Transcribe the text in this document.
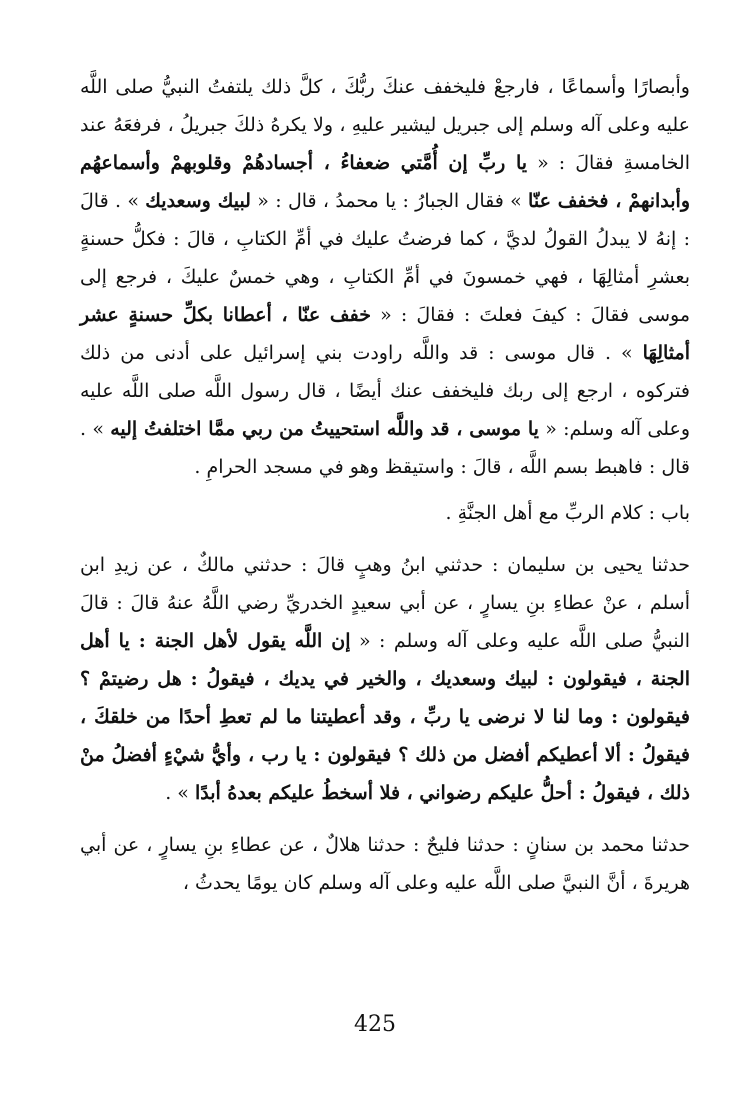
وأبصارًا وأسماعًا ، فارجعْ فليخفف عنكَ ربُّكَ ، كلَّ ذلك يلتفتُ النبيُّ صلى اللَّه عليه وعلى آله وسلم إلى جبريل ليشير عليهِ ، ولا يكرهُ ذلكَ جبريلُ ، فرفعَهُ عند الخامسةِ فقالَ : « يا ربِّ إن أُمَّتي ضعفاءُ ، أجسادهُمْ وقلوبهمْ وأسماعهُم وأبدانهمْ ، فخفف عنّا » فقال الجبارُ : يا محمدُ ، قال : « لبيك وسعديك » . قالَ : إنهُ لا يبدلُ القولُ لديَّ ، كما فرضتُ عليك في أمِّ الكتابِ ، قالَ : فكلُّ حسنةٍ بعشرِ أمثالِهَا ، فهي خمسونَ في أمِّ الكتابِ ، وهي خمسٌ عليكَ ، فرجع إلى موسى فقالَ : كيفَ فعلتَ : فقالَ : « خفف عنّا ، أعطانا بكلِّ حسنةٍ عشر أمثالِهَا » . قال موسى : قد واللَّه راودت بني إسرائيل على أدنى من ذلك فتركوه ، ارجع إلى ربك فليخفف عنك أيضًا ، قال رسول اللَّه صلى اللَّه عليه وعلى آله وسلم: « يا موسى ، قد واللَّه استحييتُ من ربي ممَّا اختلفتُ إليه » . قال : فاهبط بسم اللَّه ، قالَ : واستيقظ وهو في مسجد الحرامِ .

باب : كلام الربِّ مع أهل الجنَّةِ .

حدثنا يحيى بن سليمان : حدثني ابنُ وهبٍ قالَ : حدثني مالكٌ ، عن زيدِ ابن أسلم ، عنْ عطاءِ بنِ يسارٍ ، عن أبي سعيدٍ الخدريِّ رضي اللَّهُ عنهُ قالَ : قالَ النبيُّ صلى اللَّه عليه وعلى آله وسلم : « إن اللَّه يقول لأهل الجنة : يا أهل الجنة ، فيقولون : لبيك وسعديك ، والخير في يديك ، فيقولُ : هل رضيتمْ ؟ فيقولون : وما لنا لا نرضى يا ربِّ ، وقد أعطيتنا ما لم تعطِ أحدًا من خلقكَ ، فيقولُ : ألا أعطيكم أفضل من ذلك ؟ فيقولون : يا رب ، وأيُّ شيْءٍ أفضلُ منْ ذلك ، فيقولُ : أحلُّ عليكم رضواني ، فلا أسخطُ عليكم بعدهُ أبدًا » .

حدثنا محمد بن سنانٍ : حدثنا فليحٌ : حدثنا هلالٌ ، عن عطاءِ بنِ يسارٍ ، عن أبي هريرةَ ، أنَّ النبيَّ صلى اللَّه عليه وعلى آله وسلم كان يومًا يحدثُ ،

425
